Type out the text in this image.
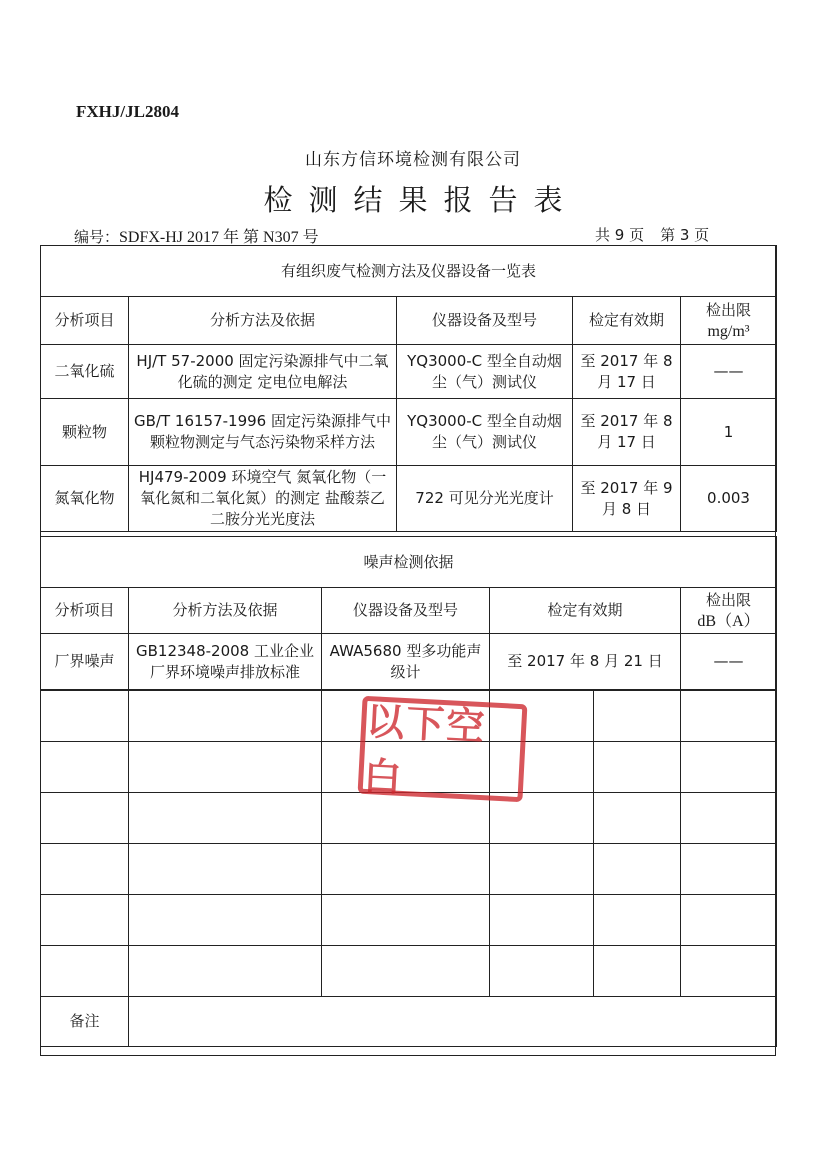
FXHJ/JL2804
山东方信环境检测有限公司
检测结果报告表
编号：SDFX-HJ 2017 年 第 N307 号	共 9 页 第 3 页
有组织废气检测方法及仪器设备一览表				
分析项目	分析方法及依据	仪器设备及型号	检定有效期	检出限
mg/m³
二氧化硫	HJ/T 57-2000 固定污染源排气中二氧化硫的测定 定电位电解法	YQ3000-C 型全自动烟尘（气）测试仪	至 2017 年 8 月 17 日	——
颗粒物	GB/T 16157-1996 固定污染源排气中颗粒物测定与气态污染物采样方法	YQ3000-C 型全自动烟尘（气）测试仪	至 2017 年 8 月 17 日	1
氮氧化物	HJ479-2009 环境空气 氮氧化物（一氧化氮和二氧化氮）的测定 盐酸萘乙二胺分光光度法	722 可见分光光度计	至 2017 年 9 月 8 日	0.003
噪声检测依据				
分析项目	分析方法及依据	仪器设备及型号	检定有效期	检出限
dB（A）
厂界噪声	GB12348-2008 工业企业厂界环境噪声排放标准	AWA5680 型多功能声级计	至 2017 年 8 月 21 日	——

备注					
以下空白
